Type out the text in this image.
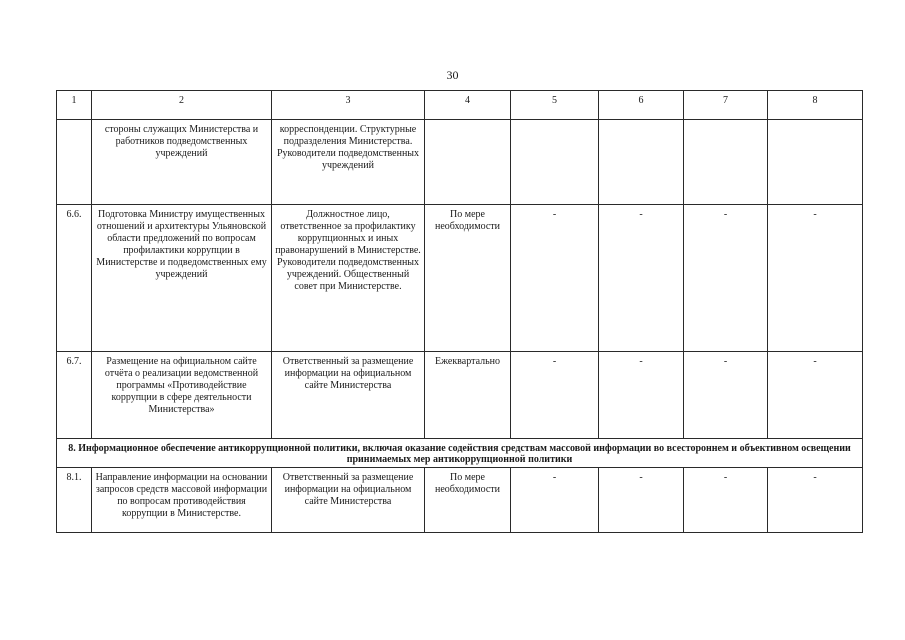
30
1	2	3	4	5	6	7	8
	стороны служащих Министерства и работников подведомственных учреждений	корреспонденции. Структурные подразделения Министерства. Руководители подведомственных учреждений					
6.6.	Подготовка Министру имущественных отношений и архитектуры Ульяновской области предложений по вопросам профилактики коррупции в Министерстве и подведомственных ему учреждений	Должностное лицо, ответственное за профилактику коррупционных и иных правонарушений в Министерстве. Руководители подведомственных учреждений. Общественный совет при Министерстве.	По мере необходимости	-	-	-	-
6.7.	Размещение на официальном сайте отчёта о реализации ведомственной программы «Противодействие коррупции в сфере деятельности Министерства»	Ответственный за размещение информации на официальном сайте Министерства	Ежеквартально	-	-	-	-
8. Информационное обеспечение антикоррупционной политики, включая оказание содействия средствам массовой информации во всестороннем и объективном освещении принимаемых мер антикоррупционной политики							
8.1.	Направление информации на основании запросов средств массовой информации по вопросам противодействия коррупции в Министерстве.	Ответственный за размещение информации на официальном сайте Министерства	По мере необходимости	-	-	-	-
